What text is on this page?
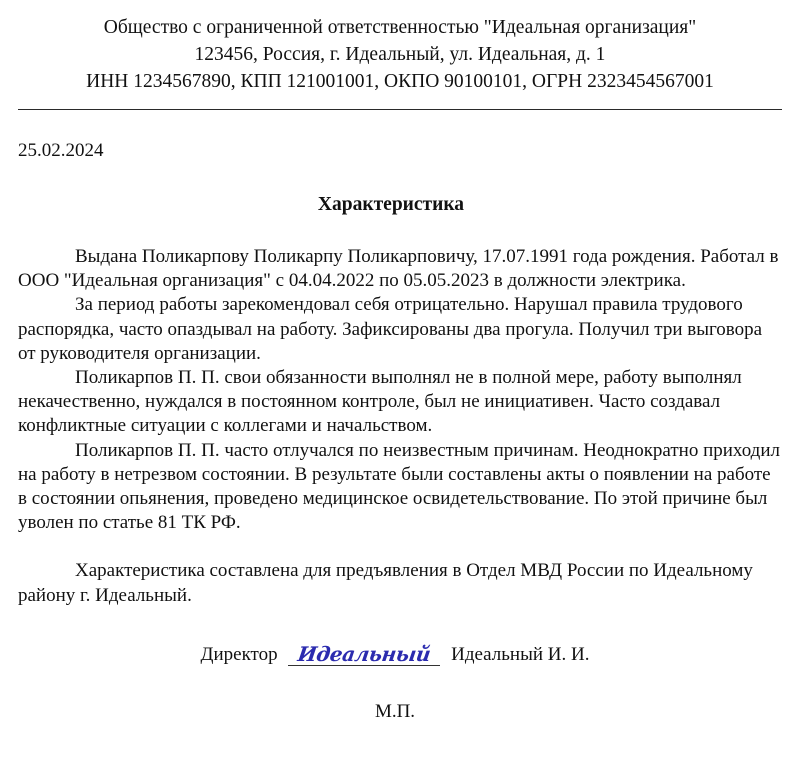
Общество с ограниченной ответственностью "Идеальная организация"
123456, Россия, г. Идеальный, ул. Идеальная, д. 1
ИНН 1234567890, КПП 121001001, ОКПО 90100101, ОГРН 2323454567001
25.02.2024
Характеристика

Выдана Поликарпову Поликарпу Поликарповичу, 17.07.1991 года рождения. Работал в ООО "Идеальная организация" с 04.04.2022 по 05.05.2023 в должности электрика.

За период работы зарекомендовал себя отрицательно. Нарушал правила трудового распорядка, часто опаздывал на работу. Зафиксированы два прогула. Получил три выговора от руководителя организации.

Поликарпов П. П. свои обязанности выполнял не в полной мере, работу выполнял некачественно, нуждался в постоянном контроле, был не инициативен. Часто создавал конфликтные ситуации с коллегами и начальством.

Поликарпов П. П. часто отлучался по неизвестным причинам. Неоднократно приходил на работу в нетрезвом состоянии. В результате были составлены акты о появлении на работе в состоянии опьянения, проведено медицинское освидетельствование. По этой причине был уволен по статье 81 ТК РФ.

Характеристика составлена для предъявления в Отдел МВД России по Идеальному району г. Идеальный.

Директор Идеальный Идеальный И. И.
М.П.
